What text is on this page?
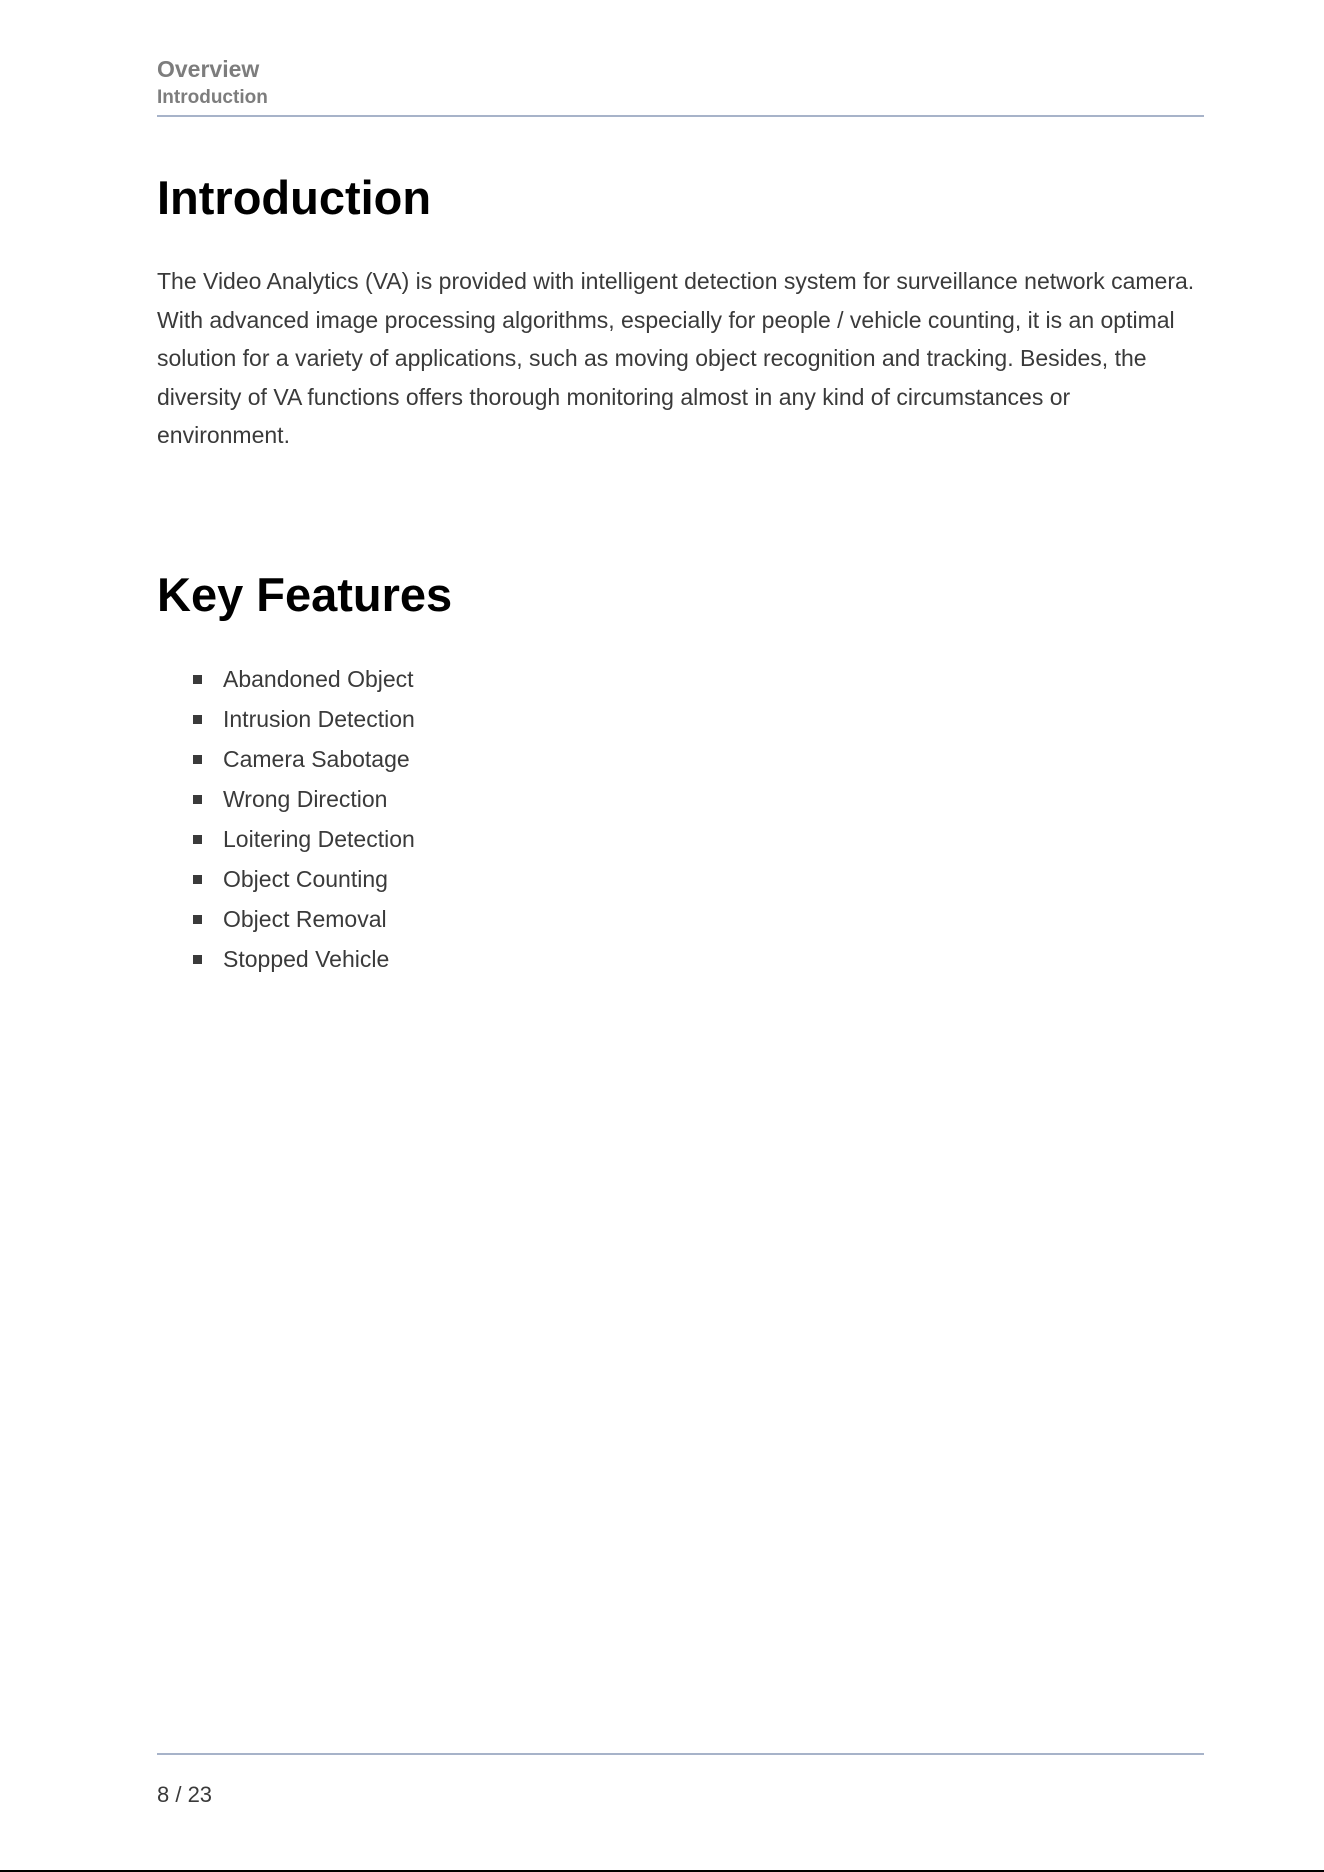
Overview
Introduction
Introduction

The Video Analytics (VA) is provided with intelligent detection system for surveillance network camera. With advanced image processing algorithms, especially for people / vehicle counting, it is an optimal solution for a variety of applications, such as moving object recognition and tracking. Besides, the diversity of VA functions offers thorough monitoring almost in any kind of circumstances or environment.

Key Features
Abandoned Object
Intrusion Detection
Camera Sabotage
Wrong Direction
Loitering Detection
Object Counting
Object Removal
Stopped Vehicle
8 / 23
